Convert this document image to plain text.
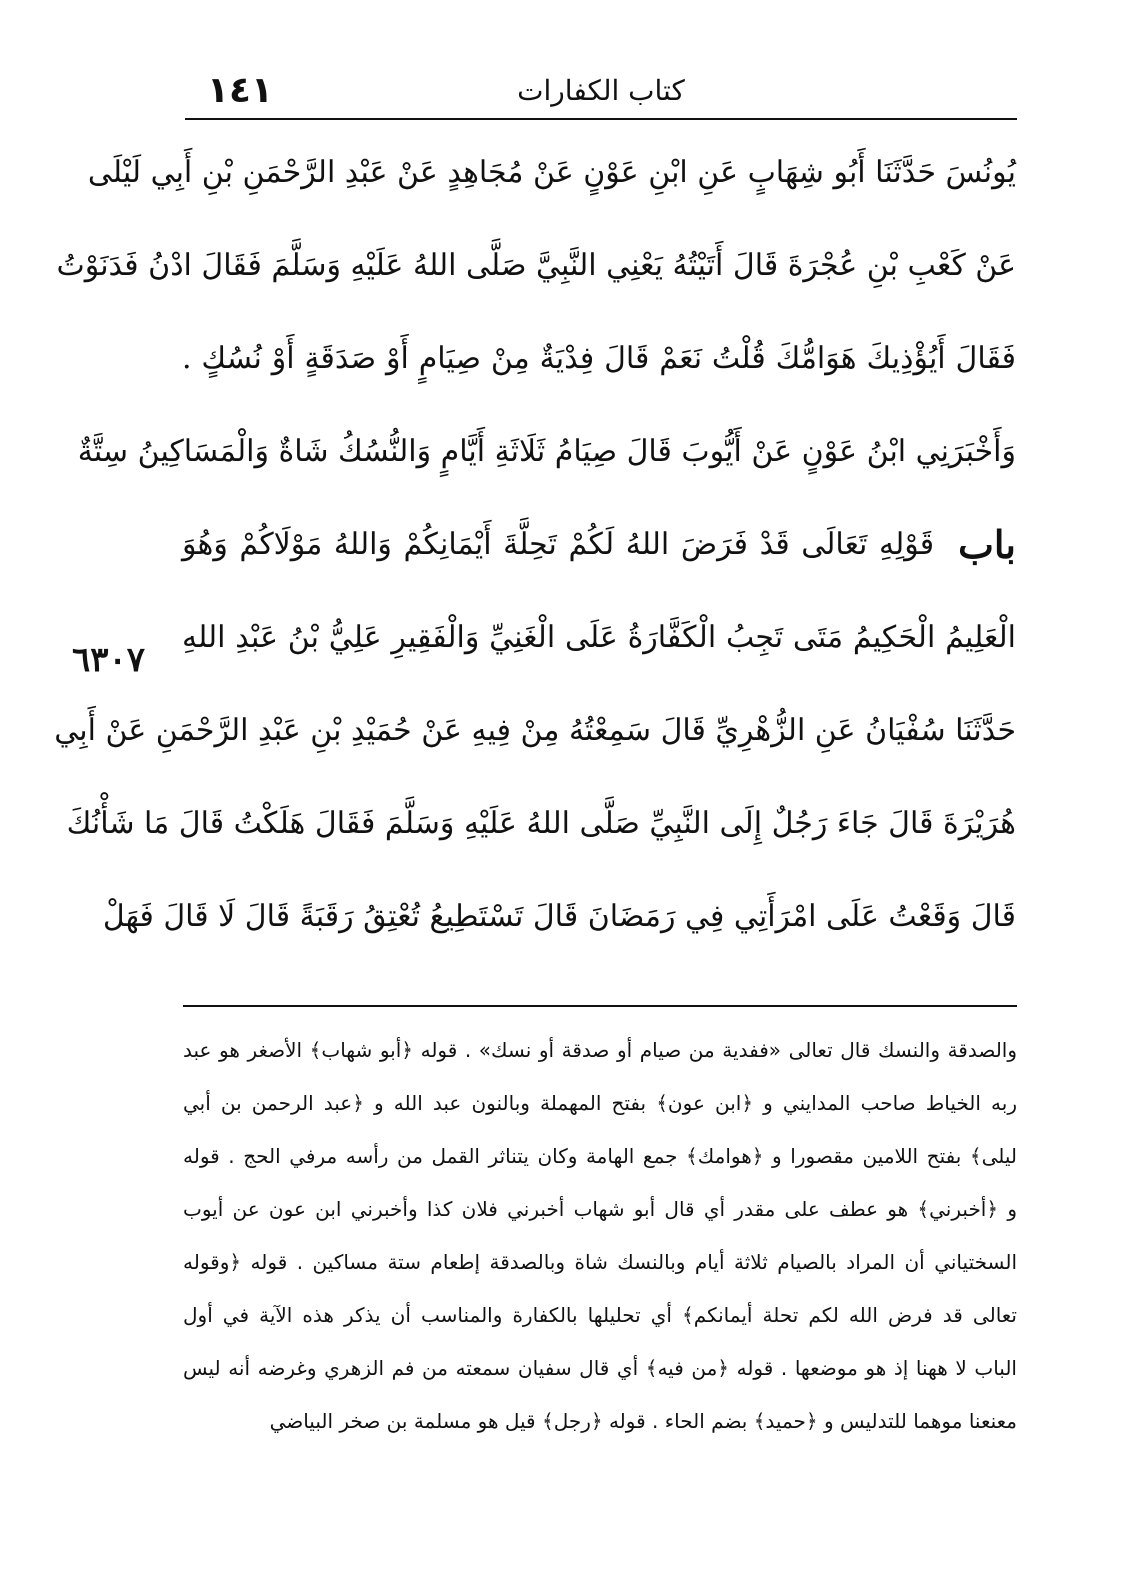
١٤١	كتاب الكفارات
٦٣٠٧
يُونُسَ حَدَّثَنَا أَبُو شِهَابٍ عَنِ ابْنِ عَوْنٍ عَنْ مُجَاهِدٍ عَنْ عَبْدِ الرَّحْمَنِ بْنِ أَبِي لَيْلَى
عَنْ كَعْبِ بْنِ عُجْرَةَ قَالَ أَتَيْتُهُ يَعْنِي النَّبِيَّ صَلَّى اللهُ عَلَيْهِ وَسَلَّمَ فَقَالَ ادْنُ فَدَنَوْتُ
فَقَالَ أَيُؤْذِيكَ هَوَامُّكَ قُلْتُ نَعَمْ قَالَ فِدْيَةٌ مِنْ صِيَامٍ أَوْ صَدَقَةٍ أَوْ نُسُكٍ .
وَأَخْبَرَنِي ابْنُ عَوْنٍ عَنْ أَيُّوبَ قَالَ صِيَامُ ثَلَاثَةِ أَيَّامٍ وَالنُّسُكُ شَاةٌ وَالْمَسَاكِينُ سِتَّةٌ
باب
قَوْلِهِ تَعَالَى قَدْ فَرَضَ اللهُ لَكُمْ تَحِلَّةَ أَيْمَانِكُمْ وَاللهُ مَوْلَاكُمْ وَهُوَ
الْعَلِيمُ الْحَكِيمُ مَتَى تَجِبُ الْكَفَّارَةُ عَلَى الْغَنِيِّ وَالْفَقِيرِ عَلِيُّ بْنُ عَبْدِ اللهِ
حَدَّثَنَا سُفْيَانُ عَنِ الزُّهْرِيِّ قَالَ سَمِعْتُهُ مِنْ فِيهِ عَنْ حُمَيْدِ بْنِ عَبْدِ الرَّحْمَنِ عَنْ أَبِي
هُرَيْرَةَ قَالَ جَاءَ رَجُلٌ إِلَى النَّبِيِّ صَلَّى اللهُ عَلَيْهِ وَسَلَّمَ فَقَالَ هَلَكْتُ قَالَ مَا شَأْنُكَ
قَالَ وَقَعْتُ عَلَى امْرَأَتِي فِي رَمَضَانَ قَالَ تَسْتَطِيعُ تُعْتِقُ رَقَبَةً قَالَ لَا قَالَ فَهَلْ
والصدقة والنسك قال تعالى «ففدية من صيام أو صدقة أو نسك» . قوله ﴿أبو شهاب﴾ الأصغر هو عبد
ربه الخياط صاحب المدايني و ﴿ابن عون﴾ بفتح المهملة وبالنون عبد الله و ﴿عبد الرحمن بن أبي
ليلى﴾ بفتح اللامين مقصورا و ﴿هوامك﴾ جمع الهامة وكان يتناثر القمل من رأسه مرفي الحج . قوله
و ﴿أخبرني﴾ هو عطف على مقدر أي قال أبو شهاب أخبرني فلان كذا وأخبرني ابن عون عن أيوب
السختياني أن المراد بالصيام ثلاثة أيام وبالنسك شاة وبالصدقة إطعام ستة مساكين . قوله ﴿وقوله
تعالى قد فرض الله لكم تحلة أيمانكم﴾ أي تحليلها بالكفارة والمناسب أن يذكر هذه الآية في أول
الباب لا ههنا إذ هو موضعها . قوله ﴿من فيه﴾ أي قال سفيان سمعته من فم الزهري وغرضه أنه ليس
معنعنا موهما للتدليس و ﴿حميد﴾ بضم الحاء . قوله ﴿رجل﴾ قيل هو مسلمة بن صخر البياضي
